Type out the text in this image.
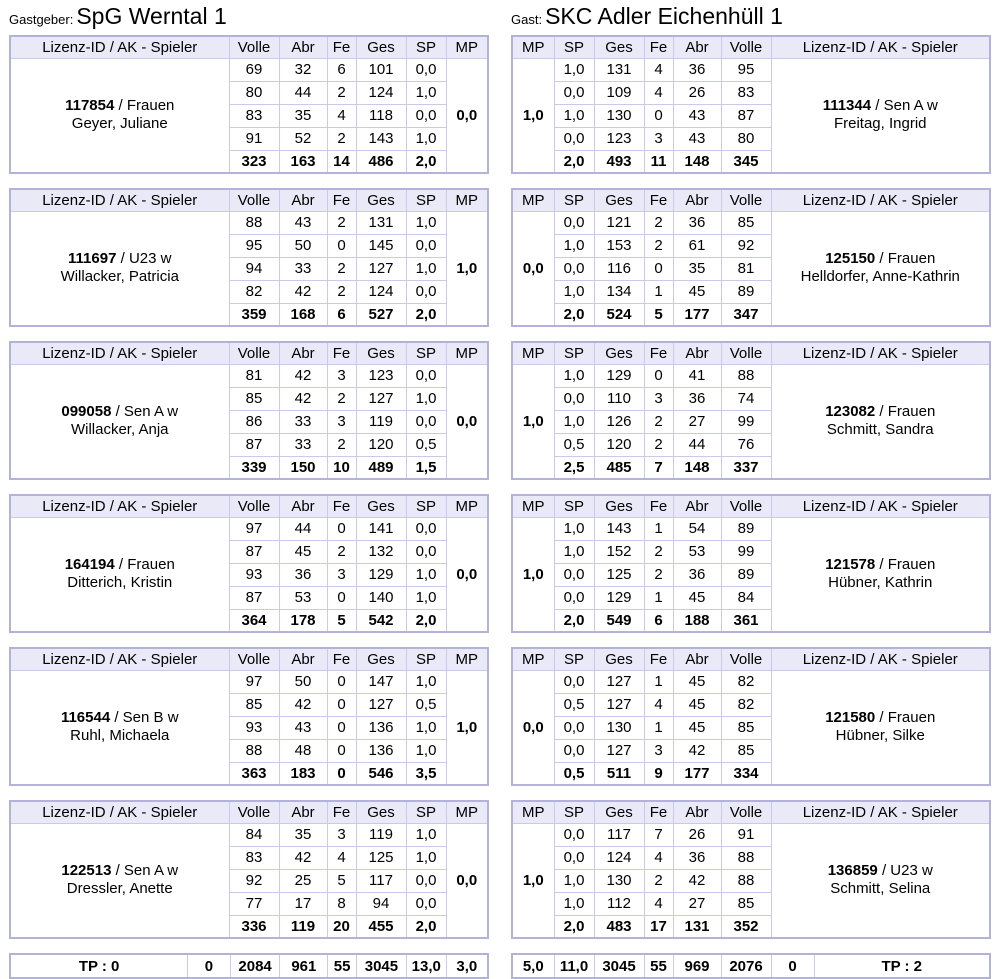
Gastgeber: SpG Werntal 1	Gast: SKC Adler Eichenhüll 1
Lizenz-ID / AK - Spieler	Volle	Abr	Fe	Ges	SP	MP
117854 / Frauen
Geyer, Juliane	69	32	6	101	0,0	0,0
	80	44	2	124	1,0	
	83	35	4	118	0,0	
	91	52	2	143	1,0	
	323	163	14	486	2,0	
MP	SP	Ges	Fe	Abr	Volle	Lizenz-ID / AK - Spieler
1,0	1,0	131	4	36	95	111344 / Sen A w
Freitag, Ingrid
	0,0	109	4	26	83	
	1,0	130	0	43	87	
	0,0	123	3	43	80	
	2,0	493	11	148	345	
Lizenz-ID / AK - Spieler	Volle	Abr	Fe	Ges	SP	MP
111697 / U23 w
Willacker, Patricia	88	43	2	131	1,0	1,0
	95	50	0	145	0,0	
	94	33	2	127	1,0	
	82	42	2	124	0,0	
	359	168	6	527	2,0	
MP	SP	Ges	Fe	Abr	Volle	Lizenz-ID / AK - Spieler
0,0	0,0	121	2	36	85	125150 / Frauen
Helldorfer, Anne-Kathrin
	1,0	153	2	61	92	
	0,0	116	0	35	81	
	1,0	134	1	45	89	
	2,0	524	5	177	347	
Lizenz-ID / AK - Spieler	Volle	Abr	Fe	Ges	SP	MP
099058 / Sen A w
Willacker, Anja	81	42	3	123	0,0	0,0
	85	42	2	127	1,0	
	86	33	3	119	0,0	
	87	33	2	120	0,5	
	339	150	10	489	1,5	
MP	SP	Ges	Fe	Abr	Volle	Lizenz-ID / AK - Spieler
1,0	1,0	129	0	41	88	123082 / Frauen
Schmitt, Sandra
	0,0	110	3	36	74	
	1,0	126	2	27	99	
	0,5	120	2	44	76	
	2,5	485	7	148	337	
Lizenz-ID / AK - Spieler	Volle	Abr	Fe	Ges	SP	MP
164194 / Frauen
Ditterich, Kristin	97	44	0	141	0,0	0,0
	87	45	2	132	0,0	
	93	36	3	129	1,0	
	87	53	0	140	1,0	
	364	178	5	542	2,0	
MP	SP	Ges	Fe	Abr	Volle	Lizenz-ID / AK - Spieler
1,0	1,0	143	1	54	89	121578 / Frauen
Hübner, Kathrin
	1,0	152	2	53	99	
	0,0	125	2	36	89	
	0,0	129	1	45	84	
	2,0	549	6	188	361	
Lizenz-ID / AK - Spieler	Volle	Abr	Fe	Ges	SP	MP
116544 / Sen B w
Ruhl, Michaela	97	50	0	147	1,0	1,0
	85	42	0	127	0,5	
	93	43	0	136	1,0	
	88	48	0	136	1,0	
	363	183	0	546	3,5	
MP	SP	Ges	Fe	Abr	Volle	Lizenz-ID / AK - Spieler
0,0	0,0	127	1	45	82	121580 / Frauen
Hübner, Silke
	0,5	127	4	45	82	
	0,0	130	1	45	85	
	0,0	127	3	42	85	
	0,5	511	9	177	334	
Lizenz-ID / AK - Spieler	Volle	Abr	Fe	Ges	SP	MP
122513 / Sen A w
Dressler, Anette	84	35	3	119	1,0	0,0
	83	42	4	125	1,0	
	92	25	5	117	0,0	
	77	17	8	94	0,0	
	336	119	20	455	2,0	
MP	SP	Ges	Fe	Abr	Volle	Lizenz-ID / AK - Spieler
1,0	0,0	117	7	26	91	136859 / U23 w
Schmitt, Selina
	0,0	124	4	36	88	
	1,0	130	2	42	88	
	1,0	112	4	27	85	
	2,0	483	17	131	352	
TP : 0	0	2084	961	55	3045	13,0	3,0	5,0	11,0	3045	55	969	2076	0	TP : 2
